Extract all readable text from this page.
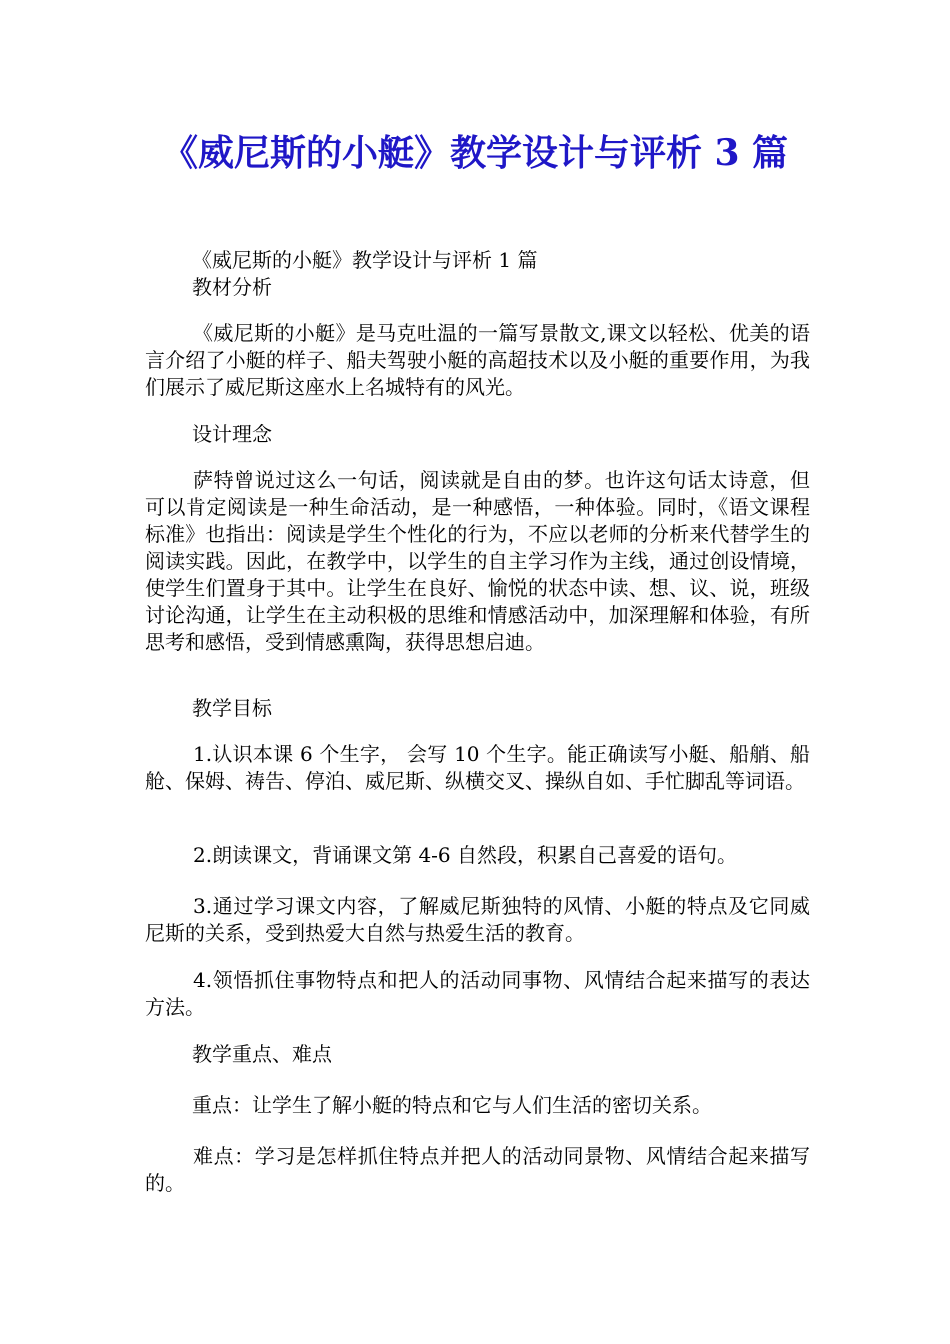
《威尼斯的小艇》教学设计与评析 3 篇
《威尼斯的小艇》教学设计与评析 1 篇
教材分析
《威尼斯的小艇》是马克吐温的一篇写景散文,课文以轻松、优美的语言介绍了小艇的样子、船夫驾驶小艇的高超技术以及小艇的重要作用，为我们展示了威尼斯这座水上名城特有的风光。
设计理念
萨特曾说过这么一句话，阅读就是自由的梦。也许这句话太诗意，但可以肯定阅读是一种生命活动，是一种感悟，一种体验。同时，《语文课程标准》也指出：阅读是学生个性化的行为，不应以老师的分析来代替学生的阅读实践。因此，在教学中，以学生的自主学习作为主线，通过创设情境，使学生们置身于其中。让学生在良好、愉悦的状态中读、想、议、说，班级讨论沟通，让学生在主动积极的思维和情感活动中，加深理解和体验，有所思考和感悟，受到情感熏陶，获得思想启迪。
教学目标
1.认识本课 6 个生字， 会写 10 个生字。能正确读写小艇、船艄、船舱、保姆、祷告、停泊、威尼斯、纵横交叉、操纵自如、手忙脚乱等词语。
2.朗读课文，背诵课文第 4-6 自然段，积累自己喜爱的语句。
3.通过学习课文内容，了解威尼斯独特的风情、小艇的特点及它同威尼斯的关系，受到热爱大自然与热爱生活的教育。
4.领悟抓住事物特点和把人的活动同事物、风情结合起来描写的表达方法。
教学重点、难点
重点：让学生了解小艇的特点和它与人们生活的密切关系。
难点：学习是怎样抓住特点并把人的活动同景物、风情结合起来描写的。
